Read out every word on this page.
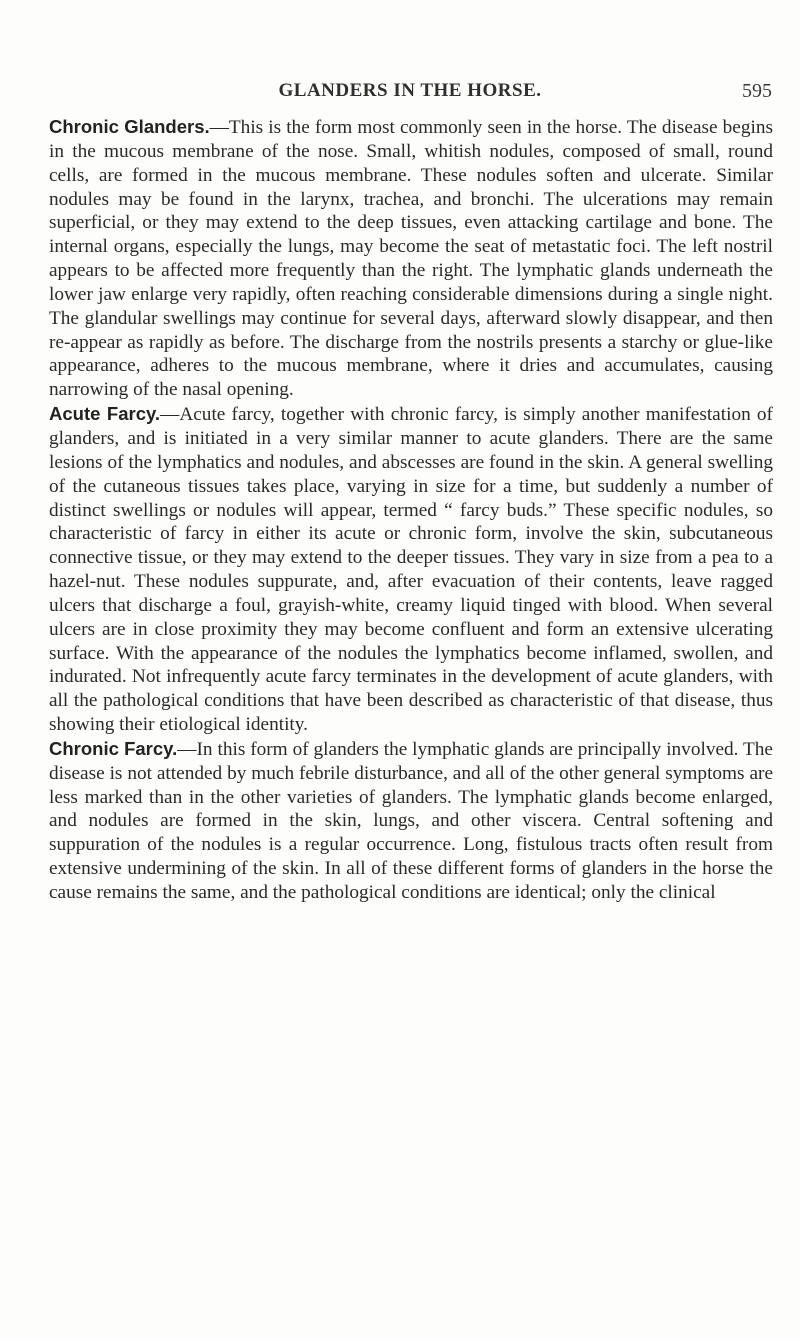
GLANDERS IN THE HORSE.	595

Chronic Glanders.—This is the form most commonly seen in the horse. The disease begins in the mucous membrane of the nose. Small, whitish nodules, composed of small, round cells, are formed in the mucous membrane. These nodules soften and ulcerate. Similar nodules may be found in the larynx, trachea, and bronchi. The ulcerations may remain superficial, or they may extend to the deep tissues, even attacking cartilage and bone. The internal organs, especially the lungs, may become the seat of metastatic foci. The left nostril appears to be affected more frequently than the right. The lymphatic glands underneath the lower jaw enlarge very rapidly, often reaching considerable dimensions during a single night. The glandular swellings may continue for several days, afterward slowly disappear, and then re-appear as rapidly as before. The discharge from the nostrils presents a starchy or glue-like appearance, adheres to the mucous membrane, where it dries and accumulates, causing narrowing of the nasal opening.

Acute Farcy.—Acute farcy, together with chronic farcy, is simply another manifestation of glanders, and is initiated in a very similar manner to acute glanders. There are the same lesions of the lymphatics and nodules, and abscesses are found in the skin. A general swelling of the cutaneous tissues takes place, varying in size for a time, but suddenly a number of distinct swellings or nodules will appear, termed “ farcy buds.” These specific nodules, so characteristic of farcy in either its acute or chronic form, involve the skin, subcutaneous connective tissue, or they may extend to the deeper tissues. They vary in size from a pea to a hazel-nut. These nodules suppurate, and, after evacuation of their contents, leave ragged ulcers that discharge a foul, grayish-white, creamy liquid tinged with blood. When several ulcers are in close proximity they may become confluent and form an extensive ulcerating surface. With the appearance of the nodules the lymphatics become inflamed, swollen, and indurated. Not infrequently acute farcy terminates in the development of acute glanders, with all the pathological conditions that have been described as characteristic of that disease, thus showing their etiological identity.

Chronic Farcy.—In this form of glanders the lymphatic glands are principally involved. The disease is not attended by much febrile disturbance, and all of the other general symptoms are less marked than in the other varieties of glanders. The lymphatic glands become enlarged, and nodules are formed in the skin, lungs, and other viscera. Central softening and suppuration of the nodules is a regular occurrence. Long, fistulous tracts often result from extensive undermining of the skin. In all of these different forms of glanders in the horse the cause remains the same, and the pathological conditions are identical; only the clinical
